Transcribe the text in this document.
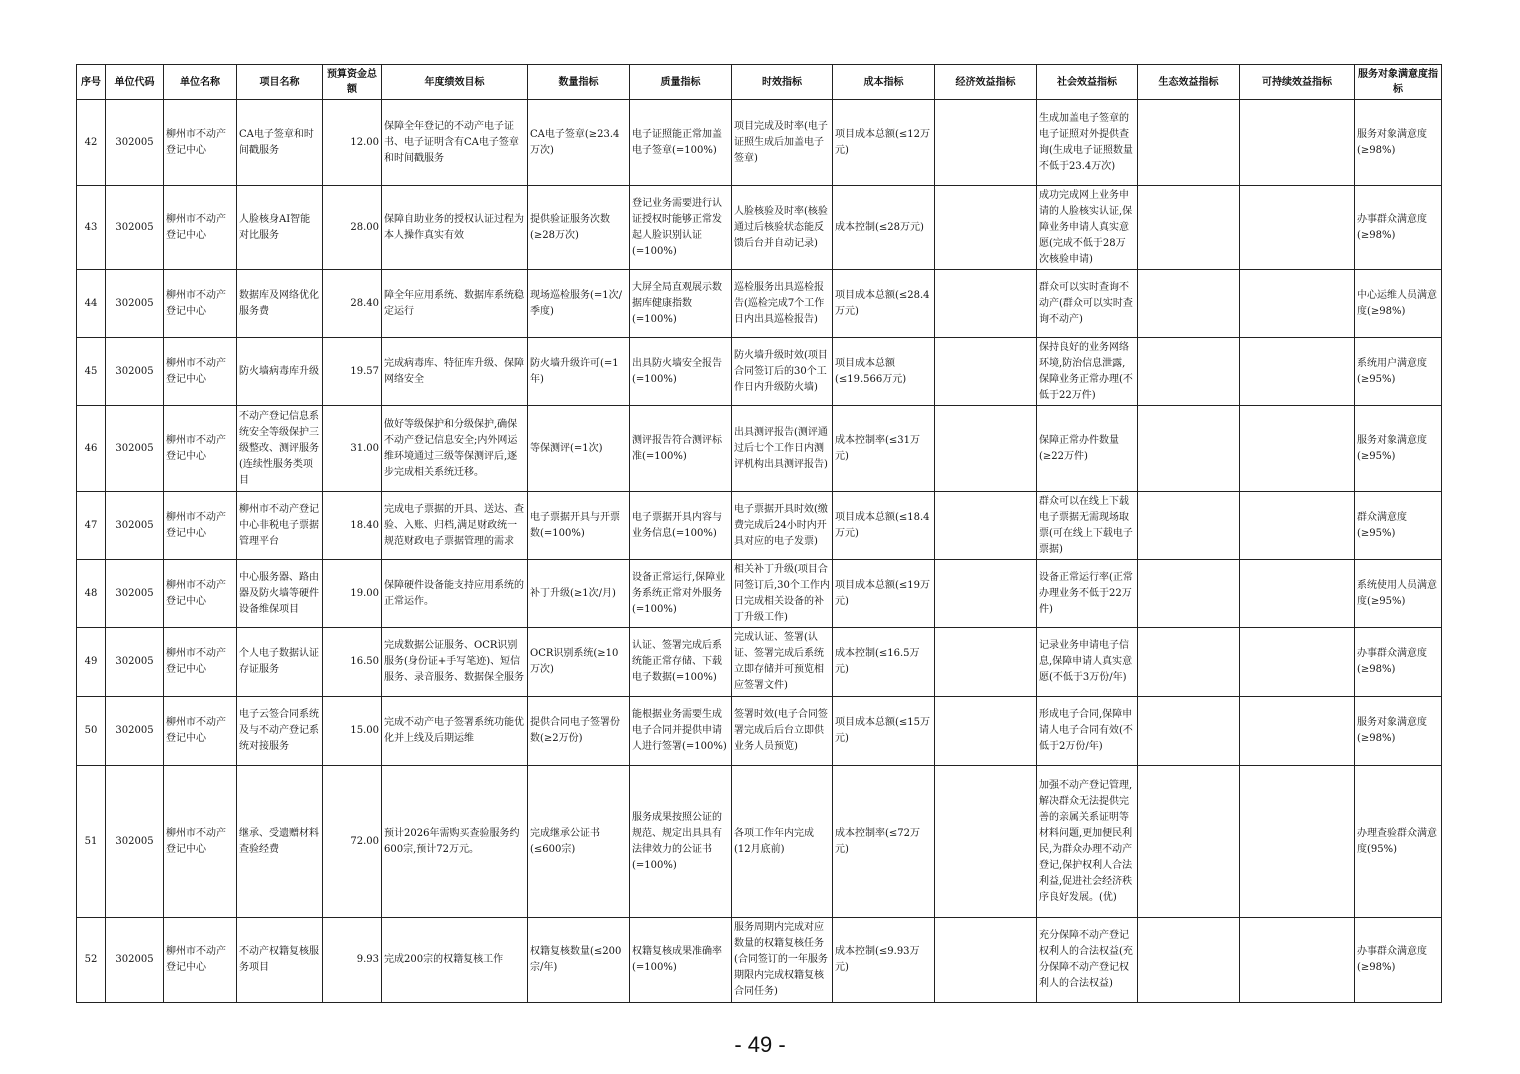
序号	单位代码	单位名称	项目名称	预算资金总额	年度绩效目标	数量指标	质量指标	时效指标	成本指标	经济效益指标	社会效益指标	生态效益指标	可持续效益指标	服务对象满意度指标
42	302005	柳州市不动产登记中心	CA电子签章和时间戳服务	12.00	保障全年登记的不动产电子证书、电子证明含有CA电子签章和时间戳服务	CA电子签章(≥23.4万次)	电子证照能正常加盖电子签章(=100%)	项目完成及时率(电子证照生成后加盖电子签章)	项目成本总额(≤12万元)		生成加盖电子签章的电子证照对外提供查询(生成电子证照数量不低于23.4万次)			服务对象满意度(≥98%)
43	302005	柳州市不动产登记中心	人脸核身AI智能对比服务	28.00	保障自助业务的授权认证过程为本人操作真实有效	提供验证服务次数(≥28万次)	登记业务需要进行认证授权时能够正常发起人脸识别认证(=100%)	人脸核验及时率(核验通过后核验状态能反馈后台并自动记录)	成本控制(≤28万元)		成功完成网上业务申请的人脸核实认证,保障业务申请人真实意愿(完成不低于28万次核验申请)			办事群众满意度(≥98%)
44	302005	柳州市不动产登记中心	数据库及网络优化服务费	28.40	障全年应用系统、数据库系统稳定运行	现场巡检服务(=1次/季度)	大屏全局直观展示数据库健康指数(=100%)	巡检服务出具巡检报告(巡检完成7个工作日内出具巡检报告)	项目成本总额(≤28.4万元)		群众可以实时查询不动产(群众可以实时查询不动产)			中心运维人员满意度(≥98%)
45	302005	柳州市不动产登记中心	防火墙病毒库升级	19.57	完成病毒库、特征库升级、保障网络安全	防火墙升级许可(=1年)	出具防火墙安全报告(=100%)	防火墙升级时效(项目合同签订后的30个工作日内升级防火墙)	项目成本总额(≤19.566万元)		保持良好的业务网络环境,防治信息泄露,保障业务正常办理(不低于22万件)			系统用户满意度(≥95%)
46	302005	柳州市不动产登记中心	不动产登记信息系统安全等级保护三级整改、测评服务(连续性服务类项目	31.00	做好等级保护和分级保护,确保不动产登记信息安全;内外网运维环境通过三级等保测评后,逐步完成相关系统迁移。	等保测评(=1次)	测评报告符合测评标准(=100%)	出具测评报告(测评通过后七个工作日内测评机构出具测评报告)	成本控制率(≤31万元)		保障正常办件数量(≥22万件)			服务对象满意度(≥95%)
47	302005	柳州市不动产登记中心	柳州市不动产登记中心非税电子票据管理平台	18.40	完成电子票据的开具、送达、查验、入账、归档,满足财政统一规范财政电子票据管理的需求	电子票据开具与开票数(=100%)	电子票据开具内容与业务信息(=100%)	电子票据开具时效(缴费完成后24小时内开具对应的电子发票)	项目成本总额(≤18.4万元)		群众可以在线上下载电子票据无需现场取票(可在线上下载电子票据)			群众满意度(≥95%)
48	302005	柳州市不动产登记中心	中心服务器、路由器及防火墙等硬件设备维保项目	19.00	保障硬件设备能支持应用系统的正常运作。	补丁升级(≥1次/月)	设备正常运行,保障业务系统正常对外服务(=100%)	相关补丁升级(项目合同签订后,30个工作内日完成相关设备的补丁升级工作)	项目成本总额(≤19万元)		设备正常运行率(正常办理业务不低于22万件)			系统使用人员满意度(≥95%)
49	302005	柳州市不动产登记中心	个人电子数据认证存证服务	16.50	完成数据公证服务、OCR识别服务(身份证+手写笔迹)、短信服务、录音服务、数据保全服务	OCR识别系统(≥10万次)	认证、签署完成后系统能正常存储、下载电子数据(=100%)	完成认证、签署(认证、签署完成后系统立即存储并可预览相应签署文件)	成本控制(≤16.5万元)		记录业务申请电子信息,保障申请人真实意愿(不低于3万份/年)			办事群众满意度(≥98%)
50	302005	柳州市不动产登记中心	电子云签合同系统及与不动产登记系统对接服务	15.00	完成不动产电子签署系统功能优化并上线及后期运维	提供合同电子签署份数(≥2万份)	能根据业务需要生成电子合同并提供申请人进行签署(=100%)	签署时效(电子合同签署完成后后台立即供业务人员预览)	项目成本总额(≤15万元)		形成电子合同,保障申请人电子合同有效(不低于2万份/年)			服务对象满意度(≥98%)
51	302005	柳州市不动产登记中心	继承、受遗赠材料查验经费	72.00	预计2026年需购买查验服务约600宗,预计72万元。	完成继承公证书(≤600宗)	服务成果按照公证的规范、规定出具具有法律效力的公证书(=100%)	各项工作年内完成(12月底前)	成本控制率(≤72万元)		加强不动产登记管理,解决群众无法提供完善的亲属关系证明等材料问题,更加便民利民,为群众办理不动产登记,保护权利人合法利益,促进社会经济秩序良好发展。(优)			办理查验群众满意度(95%)
52	302005	柳州市不动产登记中心	不动产权籍复核服务项目	9.93	完成200宗的权籍复核工作	权籍复核数量(≤200宗/年)	权籍复核成果准确率(=100%)	服务周期内完成对应数量的权籍复核任务(合同签订的一年服务期限内完成权籍复核合同任务)	成本控制(≤9.93万元)		充分保障不动产登记权利人的合法权益(充分保障不动产登记权利人的合法权益)			办事群众满意度(≥98%)
- 49 -
